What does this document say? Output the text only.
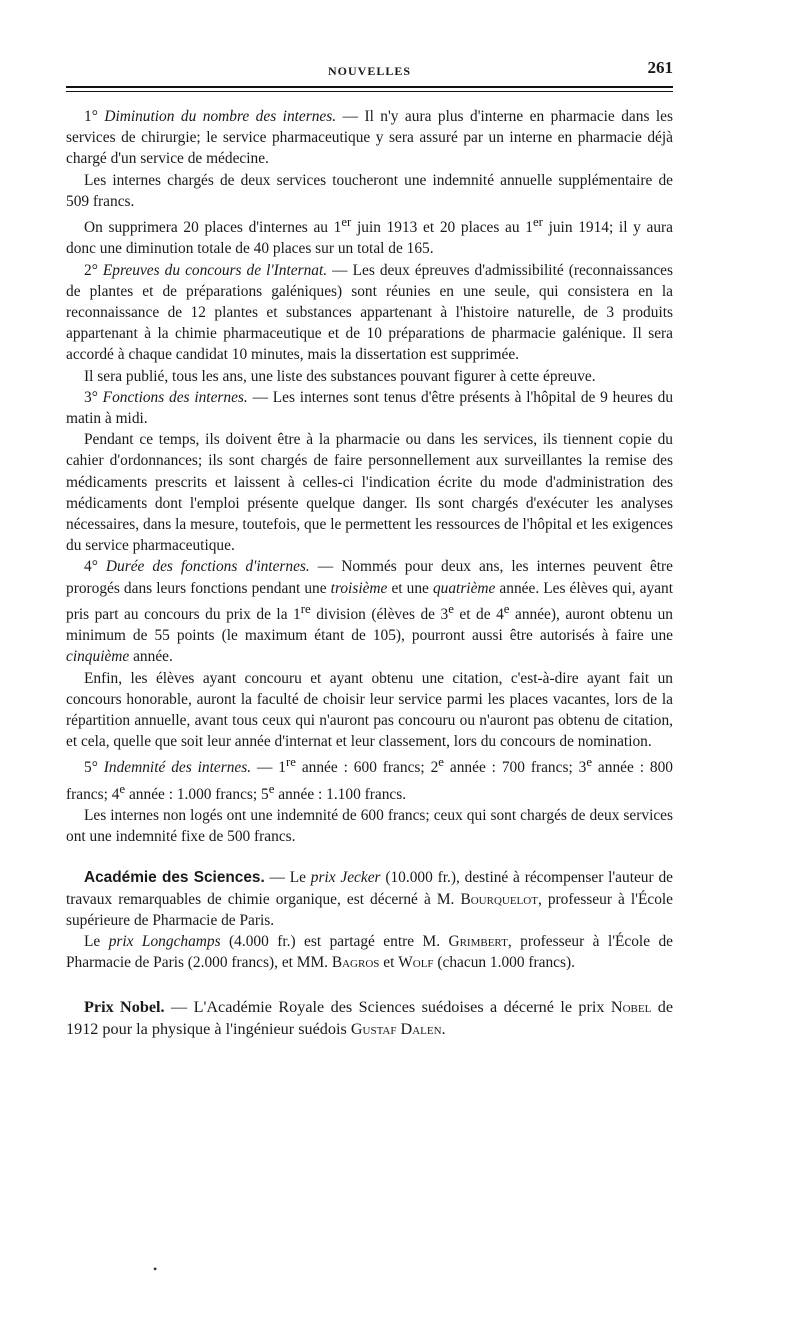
NOUVELLES	261

1° Diminution du nombre des internes. — Il n'y aura plus d'interne en pharmacie dans les services de chirurgie; le service pharmaceutique y sera assuré par un interne en pharmacie déjà chargé d'un service de médecine.

Les internes chargés de deux services toucheront une indemnité annuelle supplémentaire de 509 francs.

On supprimera 20 places d'internes au 1er juin 1913 et 20 places au 1er juin 1914; il y aura donc une diminution totale de 40 places sur un total de 165.

2° Epreuves du concours de l'Internat. — Les deux épreuves d'admissibilité (reconnaissances de plantes et de préparations galéniques) sont réunies en une seule, qui consistera en la reconnaissance de 12 plantes et substances appartenant à l'histoire naturelle, de 3 produits appartenant à la chimie pharmaceutique et de 10 préparations de pharmacie galénique. Il sera accordé à chaque candidat 10 minutes, mais la dissertation est supprimée.

Il sera publié, tous les ans, une liste des substances pouvant figurer à cette épreuve.

3° Fonctions des internes. — Les internes sont tenus d'être présents à l'hôpital de 9 heures du matin à midi.

Pendant ce temps, ils doivent être à la pharmacie ou dans les services, ils tiennent copie du cahier d'ordonnances; ils sont chargés de faire personnellement aux surveillantes la remise des médicaments prescrits et laissent à celles-ci l'indication écrite du mode d'administration des médicaments dont l'emploi présente quelque danger. Ils sont chargés d'exécuter les analyses nécessaires, dans la mesure, toutefois, que le permettent les ressources de l'hôpital et les exigences du service pharmaceutique.

4° Durée des fonctions d'internes. — Nommés pour deux ans, les internes peuvent être prorogés dans leurs fonctions pendant une troisième et une quatrième année. Les élèves qui, ayant pris part au concours du prix de la 1re division (élèves de 3e et de 4e année), auront obtenu un minimum de 55 points (le maximum étant de 105), pourront aussi être autorisés à faire une cinquième année.

Enfin, les élèves ayant concouru et ayant obtenu une citation, c'est-à-dire ayant fait un concours honorable, auront la faculté de choisir leur service parmi les places vacantes, lors de la répartition annuelle, avant tous ceux qui n'auront pas concouru ou n'auront pas obtenu de citation, et cela, quelle que soit leur année d'internat et leur classement, lors du concours de nomination.

5° Indemnité des internes. — 1re année : 600 francs; 2e année : 700 francs; 3e année : 800 francs; 4e année : 1.000 francs; 5e année : 1.100 francs.

Les internes non logés ont une indemnité de 600 francs; ceux qui sont chargés de deux services ont une indemnité fixe de 500 francs.

Académie des Sciences. — Le prix Jecker (10.000 fr.), destiné à récompenser l'auteur de travaux remarquables de chimie organique, est décerné à M. Bourquelot, professeur à l'École supérieure de Pharmacie de Paris.

Le prix Longchamps (4.000 fr.) est partagé entre M. Grimbert, professeur à l'École de Pharmacie de Paris (2.000 francs), et MM. Bagros et Wolf (chacun 1.000 francs).

Prix Nobel. — L'Académie Royale des Sciences suédoises a décerné le prix Nobel de 1912 pour la physique à l'ingénieur suédois Gustaf Dalen.

•
